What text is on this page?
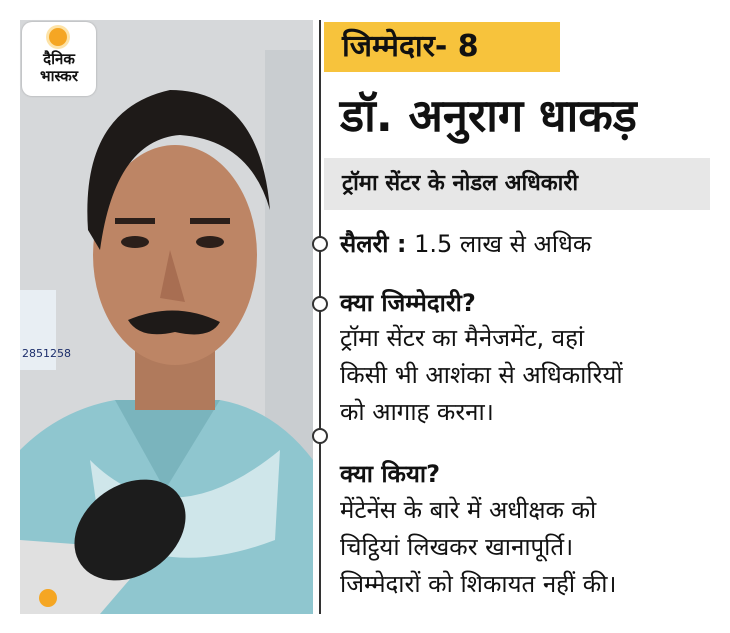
2851258
दैनिक
भास्कर
जिम्मेदार- 8
डॉ. अनुराग धाकड़
ट्रॉमा सेंटर के नोडल अधिकारी
सैलरी : 1.5 लाख से अधिक
क्या जिम्मेदारी?
ट्रॉमा सेंटर का मैनेजमेंट, वहां
किसी भी आशंका से अधिकारियों
को आगाह करना।
क्या किया?
मेंटेनेंस के बारे में अधीक्षक को
चिट्ठियां लिखकर खानापूर्ति।
जिम्मेदारों को शिकायत नहीं की।
